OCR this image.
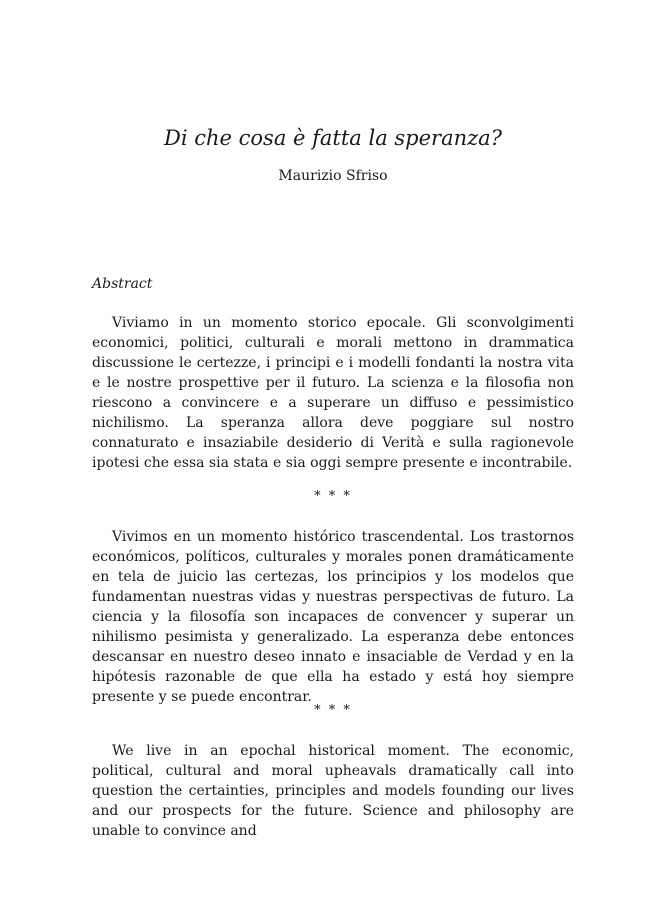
Di che cosa è fatta la speranza?
Maurizio Sfriso
Abstract

Viviamo in un momento storico epocale. Gli sconvolgimenti economici, politici, culturali e morali mettono in drammatica discussione le certezze, i principi e i modelli fondanti la nostra vita e le nostre prospettive per il futuro. La scienza e la filosofia non riescono a convincere e a superare un diffuso e pessimistico nichilismo. La speranza allora deve poggiare sul nostro connaturato e insaziabile desiderio di Verità e sulla ragionevole ipotesi che essa sia stata e sia oggi sempre presente e incontrabile.

* * *

Vivimos en un momento histórico trascendental. Los trastornos económicos, políticos, culturales y morales ponen dramáticamente en tela de juicio las certezas, los principios y los modelos que fundamentan nuestras vidas y nuestras perspectivas de futuro. La ciencia y la filosofía son incapaces de convencer y superar un nihilismo pesimista y generalizado. La esperanza debe entonces descansar en nuestro deseo innato e insaciable de Verdad y en la hipótesis razonable de que ella ha estado y está hoy siempre presente y se puede encontrar.

* * *

We live in an epochal historical moment. The economic, political, cultural and moral upheavals dramatically call into question the certainties, principles and models founding our lives and our prospects for the future. Science and philosophy are unable to convince and
